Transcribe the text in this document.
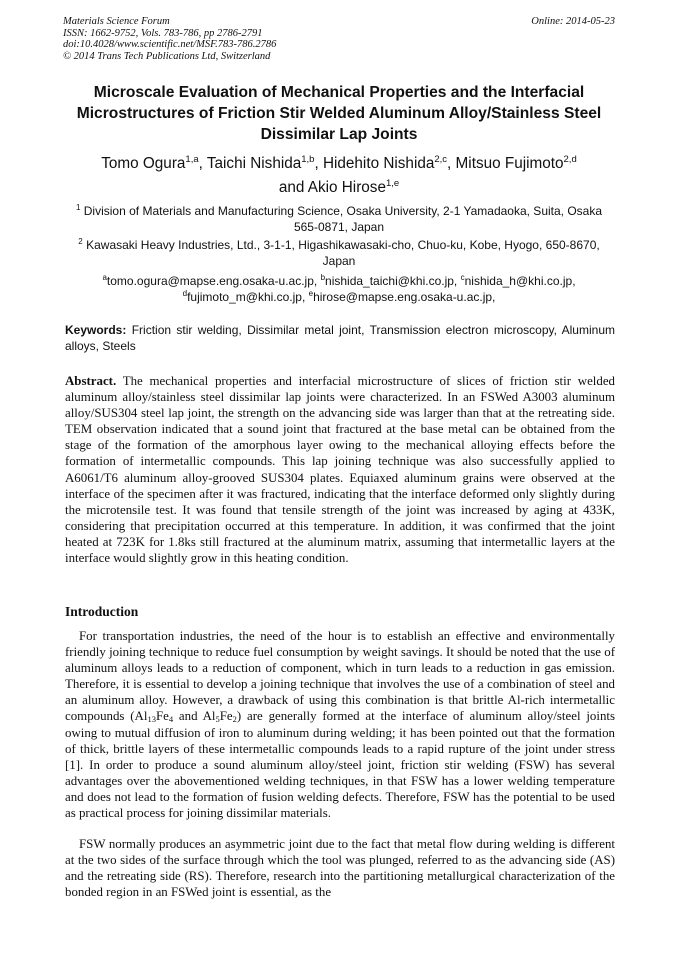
Materials Science Forum
ISSN: 1662-9752, Vols. 783-786, pp 2786-2791
doi:10.4028/www.scientific.net/MSF.783-786.2786
© 2014 Trans Tech Publications Ltd, Switzerland
Online: 2014-05-23
Microscale Evaluation of Mechanical Properties and the Interfacial Microstructures of Friction Stir Welded Aluminum Alloy/Stainless Steel Dissimilar Lap Joints
Tomo Ogura$^{1,a}$, Taichi Nishida$^{1,b}$, Hidehito Nishida$^{2,c}$, Mitsuo Fujimoto$^{2,d}$
and Akio Hirose$^{1,e}$
$^1$ Division of Materials and Manufacturing Science, Osaka University, 2-1 Yamadaoka, Suita, Osaka 565-0871, Japan
$^2$ Kawasaki Heavy Industries, Ltd., 3-1-1, Higashikawasaki-cho, Chuo-ku, Kobe, Hyogo, 650-8670, Japan
$^a$tomo.ogura@mapse.eng.osaka-u.ac.jp, $^b$nishida_taichi@khi.co.jp, $^c$nishida_h@khi.co.jp,
$^d$fujimoto_m@khi.co.jp, $^e$hirose@mapse.eng.osaka-u.ac.jp,
Keywords: Friction stir welding, Dissimilar metal joint, Transmission electron microscopy, Aluminum alloys, Steels
Abstract. The mechanical properties and interfacial microstructure of slices of friction stir welded aluminum alloy/stainless steel dissimilar lap joints were characterized. In an FSWed A3003 aluminum alloy/SUS304 steel lap joint, the strength on the advancing side was larger than that at the retreating side. TEM observation indicated that a sound joint that fractured at the base metal can be obtained from the stage of the formation of the amorphous layer owing to the mechanical alloying effects before the formation of intermetallic compounds. This lap joining technique was also successfully applied to A6061/T6 aluminum alloy-grooved SUS304 plates. Equiaxed aluminum grains were observed at the interface of the specimen after it was fractured, indicating that the interface deformed only slightly during the microtensile test. It was found that tensile strength of the joint was increased by aging at 433K, considering that precipitation occurred at this temperature. In addition, it was confirmed that the joint heated at 723K for 1.8ks still fractured at the aluminum matrix, assuming that intermetallic layers at the interface would slightly grow in this heating condition.
Introduction
For transportation industries, the need of the hour is to establish an effective and environmentally friendly joining technique to reduce fuel consumption by weight savings. It should be noted that the use of aluminum alloys leads to a reduction of component, which in turn leads to a reduction in gas emission. Therefore, it is essential to develop a joining technique that involves the use of a combination of steel and an aluminum alloy. However, a drawback of using this combination is that brittle Al-rich intermetallic compounds ($Al_{13}Fe_4$ and $Al_5Fe_2$) are generally formed at the interface of aluminum alloy/steel joints owing to mutual diffusion of iron to aluminum during welding; it has been pointed out that the formation of thick, brittle layers of these intermetallic compounds leads to a rapid rupture of the joint under stress [1]. In order to produce a sound aluminum alloy/steel joint, friction stir welding (FSW) has several advantages over the abovementioned welding techniques, in that FSW has a lower welding temperature and does not lead to the formation of fusion welding defects. Therefore, FSW has the potential to be used as practical process for joining dissimilar materials.
FSW normally produces an asymmetric joint due to the fact that metal flow during welding is different at the two sides of the surface through which the tool was plunged, referred to as the advancing side (AS) and the retreating side (RS). Therefore, research into the partitioning metallurgical characterization of the bonded region in an FSWed joint is essential, as the
